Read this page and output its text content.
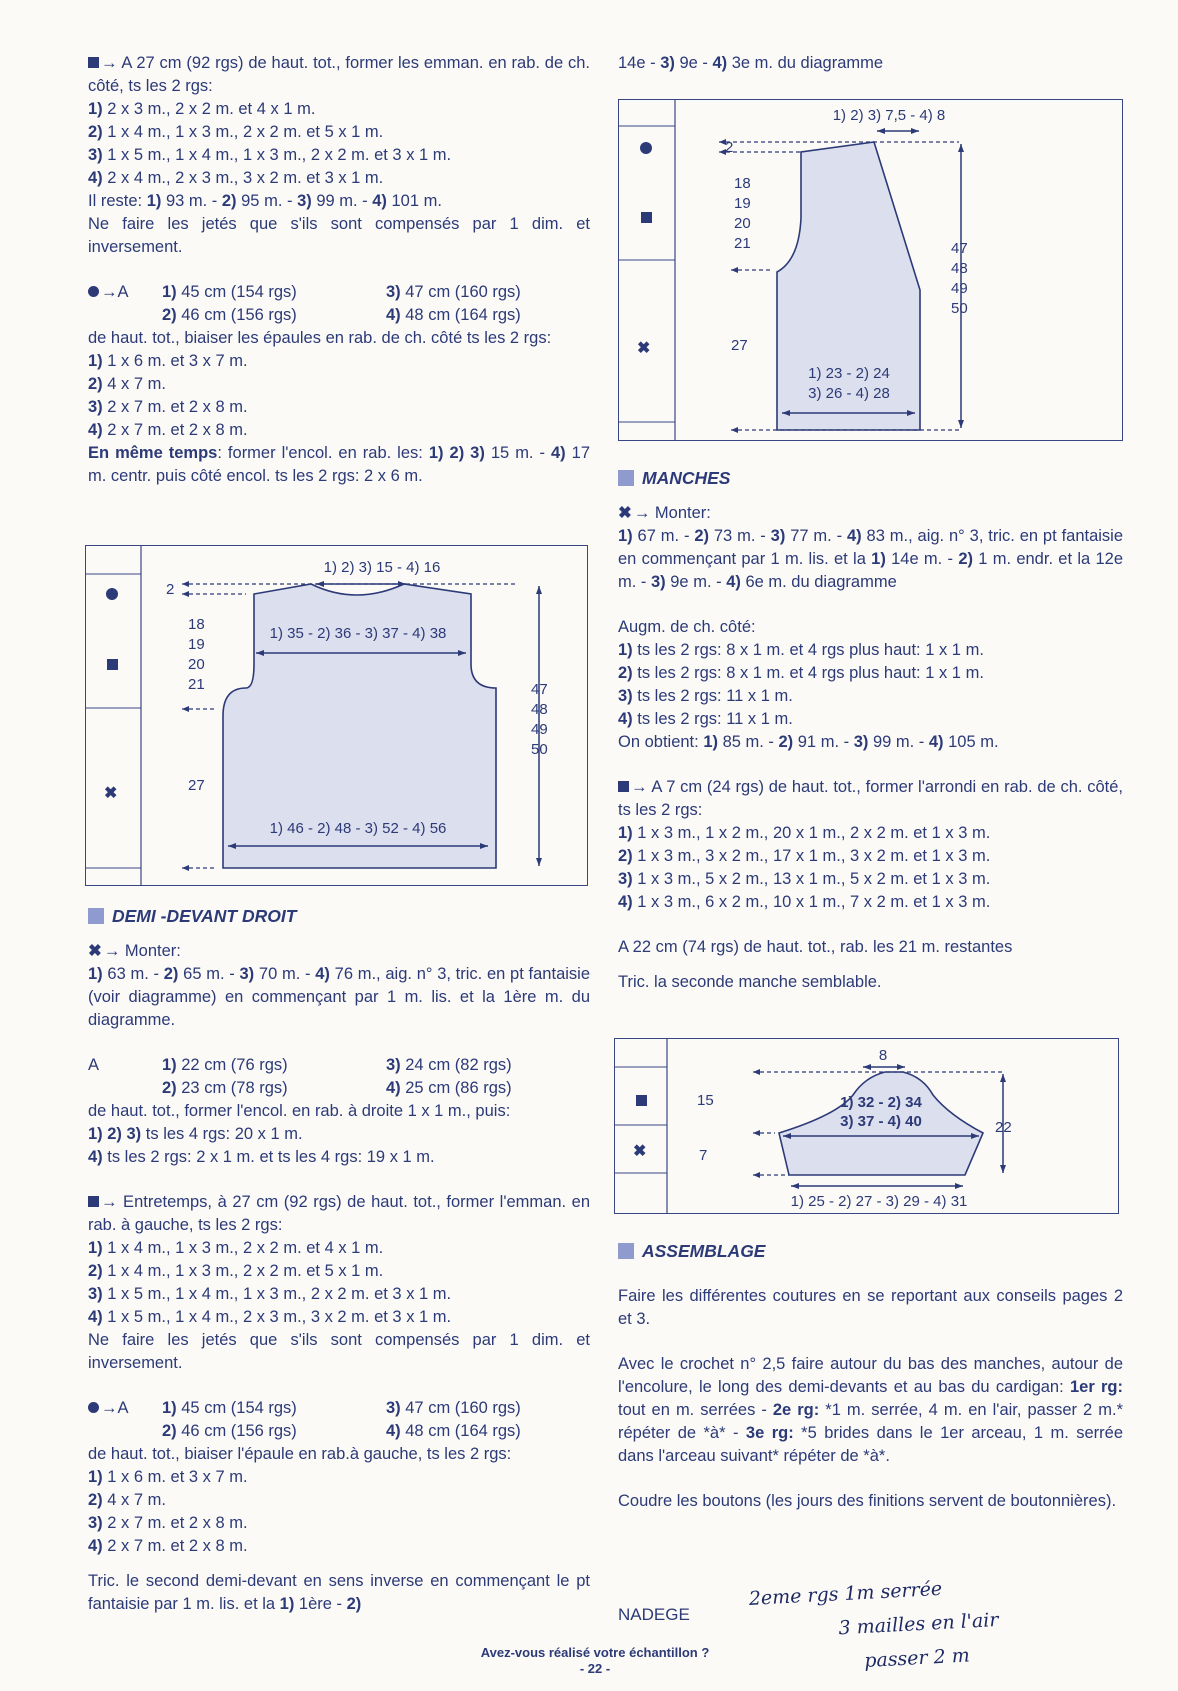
→ A 27 cm (92 rgs) de haut. tot., former les emman. en rab. de ch. côté, ts les 2 rgs:

1) 2 x 3 m., 2 x 2 m. et 4 x 1 m.

2) 1 x 4 m., 1 x 3 m., 2 x 2 m. et 5 x 1 m.

3) 1 x 5 m., 1 x 4 m., 1 x 3 m., 2 x 2 m. et 3 x 1 m.

4) 2 x 4 m., 2 x 3 m., 3 x 2 m. et 3 x 1 m.

Il reste: 1) 93 m. - 2) 95 m. - 3) 99 m. - 4) 101 m.

Ne faire les jetés que s'ils sont compensés par 1 dim. et inversement.

→A	1) 45 cm (154 rgs)	3) 47 cm (160 rgs)
2) 46 cm (156 rgs)	4) 48 cm (164 rgs)

de haut. tot., biaiser les épaules en rab. de ch. côté ts les 2 rgs:

1) 1 x 6 m. et 3 x 7 m.

2) 4 x 7 m.

3) 2 x 7 m. et 2 x 8 m.

4) 2 x 7 m. et 2 x 8 m.

En même temps: former l'encol. en rab. les: 1) 2) 3) 15 m. - 4) 17 m. centr. puis côté encol. ts les 2 rgs: 2 x 6 m.

✖
2
1) 2) 3) 15 - 4) 16
1) 35 - 2) 36 - 3) 37 - 4) 38
18
19
20
21
27
1) 46 - 2) 48 - 3) 52 - 4) 56
47
48
49
50

DEMI -DEVANT DROIT

✖ → Monter:

1) 63 m. - 2) 65 m. - 3) 70 m. - 4) 76 m., aig. n° 3, tric. en pt fantaisie (voir diagramme) en commençant par 1 m. lis. et la 1ère m. du diagramme.

A	1) 22 cm (76 rgs)	3) 24 cm (82 rgs)
2) 23 cm (78 rgs)	4) 25 cm (86 rgs)

de haut. tot., former l'encol. en rab. à droite 1 x 1 m., puis:

1) 2) 3) ts les 4 rgs: 20 x 1 m.

4) ts les 2 rgs: 2 x 1 m. et ts les 4 rgs: 19 x 1 m.

→ Entretemps, à 27 cm (92 rgs) de haut. tot., former l'emman. en rab. à gauche, ts les 2 rgs:

1) 1 x 4 m., 1 x 3 m., 2 x 2 m. et 4 x 1 m.

2) 1 x 4 m., 1 x 3 m., 2 x 2 m. et 5 x 1 m.

3) 1 x 5 m., 1 x 4 m., 1 x 3 m., 2 x 2 m. et 3 x 1 m.

4) 1 x 5 m., 1 x 4 m., 2 x 3 m., 3 x 2 m. et 3 x 1 m.

Ne faire les jetés que s'ils sont compensés par 1 dim. et inversement.

→A	1) 45 cm (154 rgs)	3) 47 cm (160 rgs)
2) 46 cm (156 rgs)	4) 48 cm (164 rgs)

de haut. tot., biaiser l'épaule en rab.à gauche, ts les 2 rgs:

1) 1 x 6 m. et 3 x 7 m.

2) 4 x 7 m.

3) 2 x 7 m. et 2 x 8 m.

4) 2 x 7 m. et 2 x 8 m.

Tric. le second demi-devant en sens inverse en commençant le pt fantaisie par 1 m. lis. et la 1) 1ère - 2)

14e - 3) 9e - 4) 3e m. du diagramme

✖
2
1) 2) 3) 7,5 - 4) 8
18
19
20
21
27
1) 23 - 2) 24
3) 26 - 4) 28
47
48
49
50

MANCHES

✖ → Monter:

1) 67 m. - 2) 73 m. - 3) 77 m. - 4) 83 m., aig. n° 3, tric. en pt fantaisie en commençant par 1 m. lis. et la 1) 14e m. - 2) 1 m. endr. et la 12e m. - 3) 9e m. - 4) 6e m. du diagramme

Augm. de ch. côté:

1) ts les 2 rgs: 8 x 1 m. et 4 rgs plus haut: 1 x 1 m.

2) ts les 2 rgs: 8 x 1 m. et 4 rgs plus haut: 1 x 1 m.

3) ts les 2 rgs: 11 x 1 m.

4) ts les 2 rgs: 11 x 1 m.

On obtient: 1) 85 m. - 2) 91 m. - 3) 99 m. - 4) 105 m.

→ A 7 cm (24 rgs) de haut. tot., former l'arrondi en rab. de ch. côté, ts les 2 rgs:

1) 1 x 3 m., 1 x 2 m., 20 x 1 m., 2 x 2 m. et 1 x 3 m.

2) 1 x 3 m., 3 x 2 m., 17 x 1 m., 3 x 2 m. et 1 x 3 m.

3) 1 x 3 m., 5 x 2 m., 13 x 1 m., 5 x 2 m. et 1 x 3 m.

4) 1 x 3 m., 6 x 2 m., 10 x 1 m., 7 x 2 m. et 1 x 3 m.

A 22 cm (74 rgs) de haut. tot., rab. les 21 m. restantes

Tric. la seconde manche semblable.

✖
8
15	1) 32 - 2) 34
3) 37 - 4) 40
7
22
1) 25 - 2) 27 - 3) 29 - 4) 31

ASSEMBLAGE

Faire les différentes coutures en se reportant aux conseils pages 2 et 3.

Avec le crochet n° 2,5 faire autour du bas des manches, autour de l'encolure, le long des demi-devants et au bas du cardigan: 1er rg: tout en m. serrées - 2e rg: *1 m. serrée, 4 m. en l'air, passer 2 m.* répéter de *à* - 3e rg: *5 brides dans le 1er arceau, 1 m. serrée dans l'arceau suivant* répéter de *à*.

Coudre les boutons (les jours des finitions servent de boutonnières).

NADEGE
2eme rgs 1m serrée
3 mailles en l'air
passer 2 m
Avez-vous réalisé votre échantillon ?
- 22 -
